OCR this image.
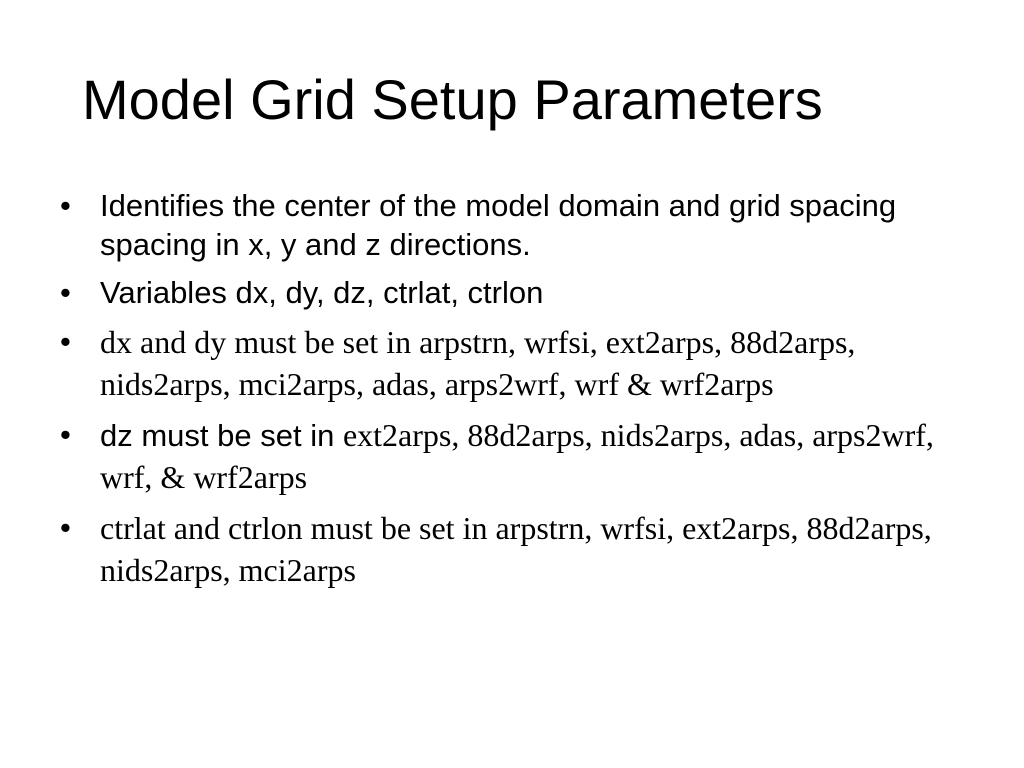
Model Grid Setup Parameters
• Identifies the center of the model domain and grid spacing spacing in x, y and z directions.
• Variables dx, dy, dz, ctrlat, ctrlon
• dx and dy must be set in arpstrn, wrfsi, ext2arps, 88d2arps, nids2arps, mci2arps, adas, arps2wrf, wrf & wrf2arps
• dz must be set in ext2arps, 88d2arps, nids2arps, adas, arps2wrf, wrf, & wrf2arps
• ctrlat and ctrlon must be set in arpstrn, wrfsi, ext2arps, 88d2arps, nids2arps, mci2arps
